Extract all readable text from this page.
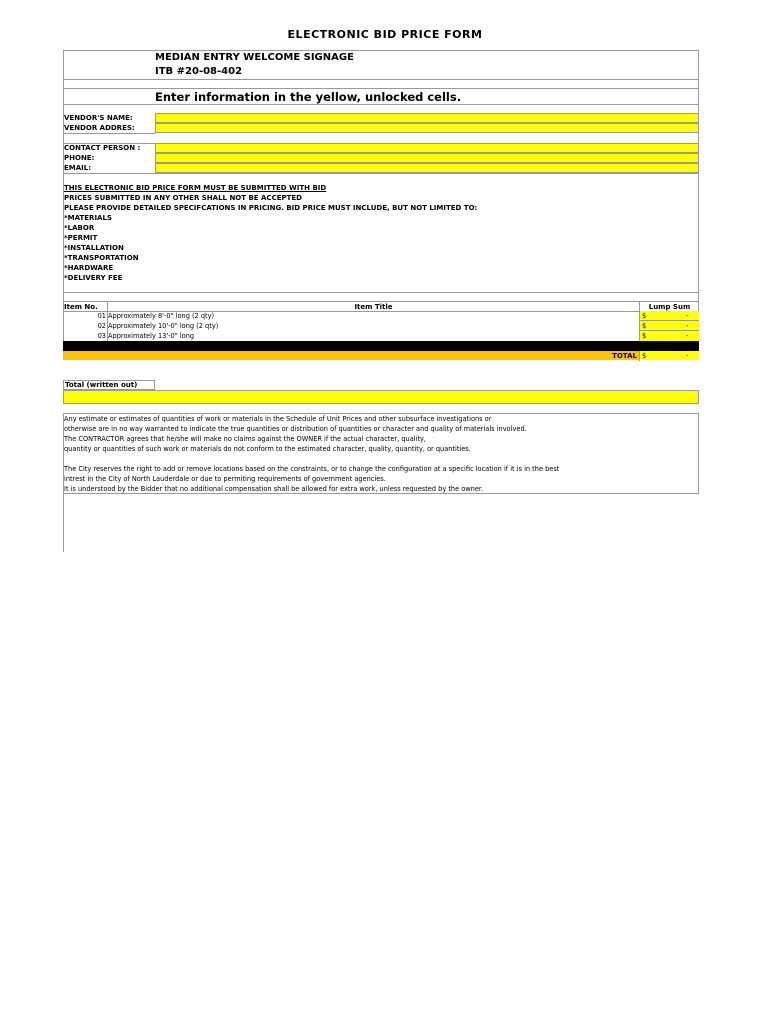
ELECTRONIC BID PRICE FORM
MEDIAN ENTRY WELCOME SIGNAGE
ITB #20-08-402
Enter information in the yellow, unlocked cells.
VENDOR'S NAME:
VENDOR ADDRES:
CONTACT PERSON :
PHONE:
EMAIL:
THIS ELECTRONIC BID PRICE FORM MUST BE SUBMITTED WITH BID
PRICES SUBMITTED IN ANY OTHER SHALL NOT BE ACCEPTED
PLEASE PROVIDE DETAILED SPECIFCATIONS IN PRICING. BID PRICE MUST INCLUDE, BUT NOT LIMITED TO:
*MATERIALS
*LABOR
*PERMIT
*INSTALLATION
*TRANSPORTATION
*HARDWARE
*DELIVERY FEE
Item No.	Item Title	Lump Sum
01 Approximately 8'-0" long (2 qty)	$	-
02 Approximately 10'-0" long (2 qty)	$	-
03 Approximately 13'-0" long	$	-
TOTAL $	-
Total (written out)
Any estimate or estimates of quantities of work or materials in the Schedule of Unit Prices and other subsurface investigations or
otherwise are in no way warranted to indicate the true quantities or distribution of quantities or character and quality of materials involved.
The CONTRACTOR agrees that he/she will make no claims against the OWNER if the actual character, quality,
quantity or quantities of such work or materials do not conform to the estimated character, quality, quantity, or quantities.
The City reserves the right to add or remove locations based on the constraints, or to change the configuration at a specific location if it is in the best
intrest in the City of North Lauderdale or due to permiting requirements of government agencies.
It is understood by the Bidder that no additional compensation shall be allowed for extra work, unless requested by the owner.
